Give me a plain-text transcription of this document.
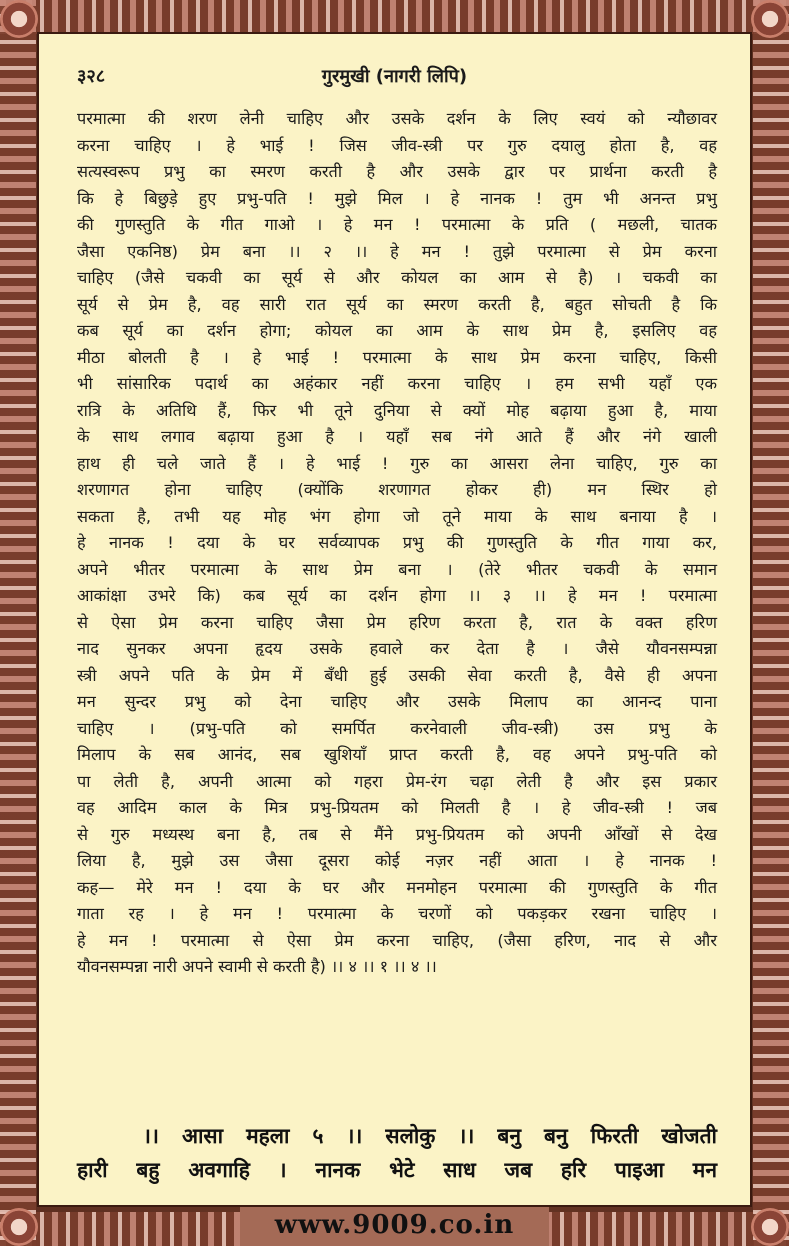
गुरमुखी (नागरी लिपि)
३२८
परमात्मा की शरण लेनी चाहिए और उसके दर्शन के लिए स्वयं को न्यौछावर
करना चाहिए । हे भाई ! जिस जीव-स्त्री पर गुरु दयालु होता है, वह
सत्यस्वरूप प्रभु का स्मरण करती है और उसके द्वार पर प्रार्थना करती है
कि हे बिछुड़े हुए प्रभु-पति ! मुझे मिल । हे नानक ! तुम भी अनन्त प्रभु
की गुणस्तुति के गीत गाओ । हे मन ! परमात्मा के प्रति ( मछली, चातक
जैसा एकनिष्ठ) प्रेम बना ।। २ ।। हे मन ! तुझे परमात्मा से प्रेम करना
चाहिए (जैसे चकवी का सूर्य से और कोयल का आम से है) । चकवी का
सूर्य से प्रेम है, वह सारी रात सूर्य का स्मरण करती है, बहुत सोचती है कि
कब सूर्य का दर्शन होगा; कोयल का आम के साथ प्रेम है, इसलिए वह
मीठा बोलती है । हे भाई ! परमात्मा के साथ प्रेम करना चाहिए, किसी
भी सांसारिक पदार्थ का अहंकार नहीं करना चाहिए । हम सभी यहाँ एक
रात्रि के अतिथि हैं, फिर भी तूने दुनिया से क्यों मोह बढ़ाया हुआ है, माया
के साथ लगाव बढ़ाया हुआ है । यहाँ सब नंगे आते हैं और नंगे खाली
हाथ ही चले जाते हैं । हे भाई ! गुरु का आसरा लेना चाहिए, गुरु का
शरणागत होना चाहिए (क्योंकि शरणागत होकर ही) मन स्थिर हो
सकता है, तभी यह मोह भंग होगा जो तूने माया के साथ बनाया है ।
हे नानक ! दया के घर सर्वव्यापक प्रभु की गुणस्तुति के गीत गाया कर,
अपने भीतर परमात्मा के साथ प्रेम बना । (तेरे भीतर चकवी के समान
आकांक्षा उभरे कि) कब सूर्य का दर्शन होगा ।। ३ ।। हे मन ! परमात्मा
से ऐसा प्रेम करना चाहिए जैसा प्रेम हरिण करता है, रात के वक्त हरिण
नाद सुनकर अपना हृदय उसके हवाले कर देता है । जैसे यौवनसम्पन्ना
स्त्री अपने पति के प्रेम में बँधी हुई उसकी सेवा करती है, वैसे ही अपना
मन सुन्दर प्रभु को देना चाहिए और उसके मिलाप का आनन्द पाना
चाहिए । (प्रभु-पति को समर्पित करनेवाली जीव-स्त्री) उस प्रभु के
मिलाप के सब आनंद, सब खुशियाँ प्राप्त करती है, वह अपने प्रभु-पति को
पा लेती है, अपनी आत्मा को गहरा प्रेम-रंग चढ़ा लेती है और इस प्रकार
वह आदिम काल के मित्र प्रभु-प्रियतम को मिलती है । हे जीव-स्त्री ! जब
से गुरु मध्यस्थ बना है, तब से मैंने प्रभु-प्रियतम को अपनी आँखों से देख
लिया है, मुझे उस जैसा दूसरा कोई नज़र नहीं आता । हे नानक !
कह— मेरे मन ! दया के घर और मनमोहन परमात्मा की गुणस्तुति के गीत
गाता रह । हे मन ! परमात्मा के चरणों को पकड़कर रखना चाहिए ।
हे मन ! परमात्मा से ऐसा प्रेम करना चाहिए, (जैसा हरिण, नाद से और
यौवनसम्पन्ना नारी अपने स्वामी से करती है) ।। ४ ।। १ ।। ४ ।।
।। आसा महला ५ ।। सलोकु ।। बनु बनु फिरती खोजती
हारी बहु अवगाहि । नानक भेटे साध जब हरि पाइआ मन
www.9009.co.in
